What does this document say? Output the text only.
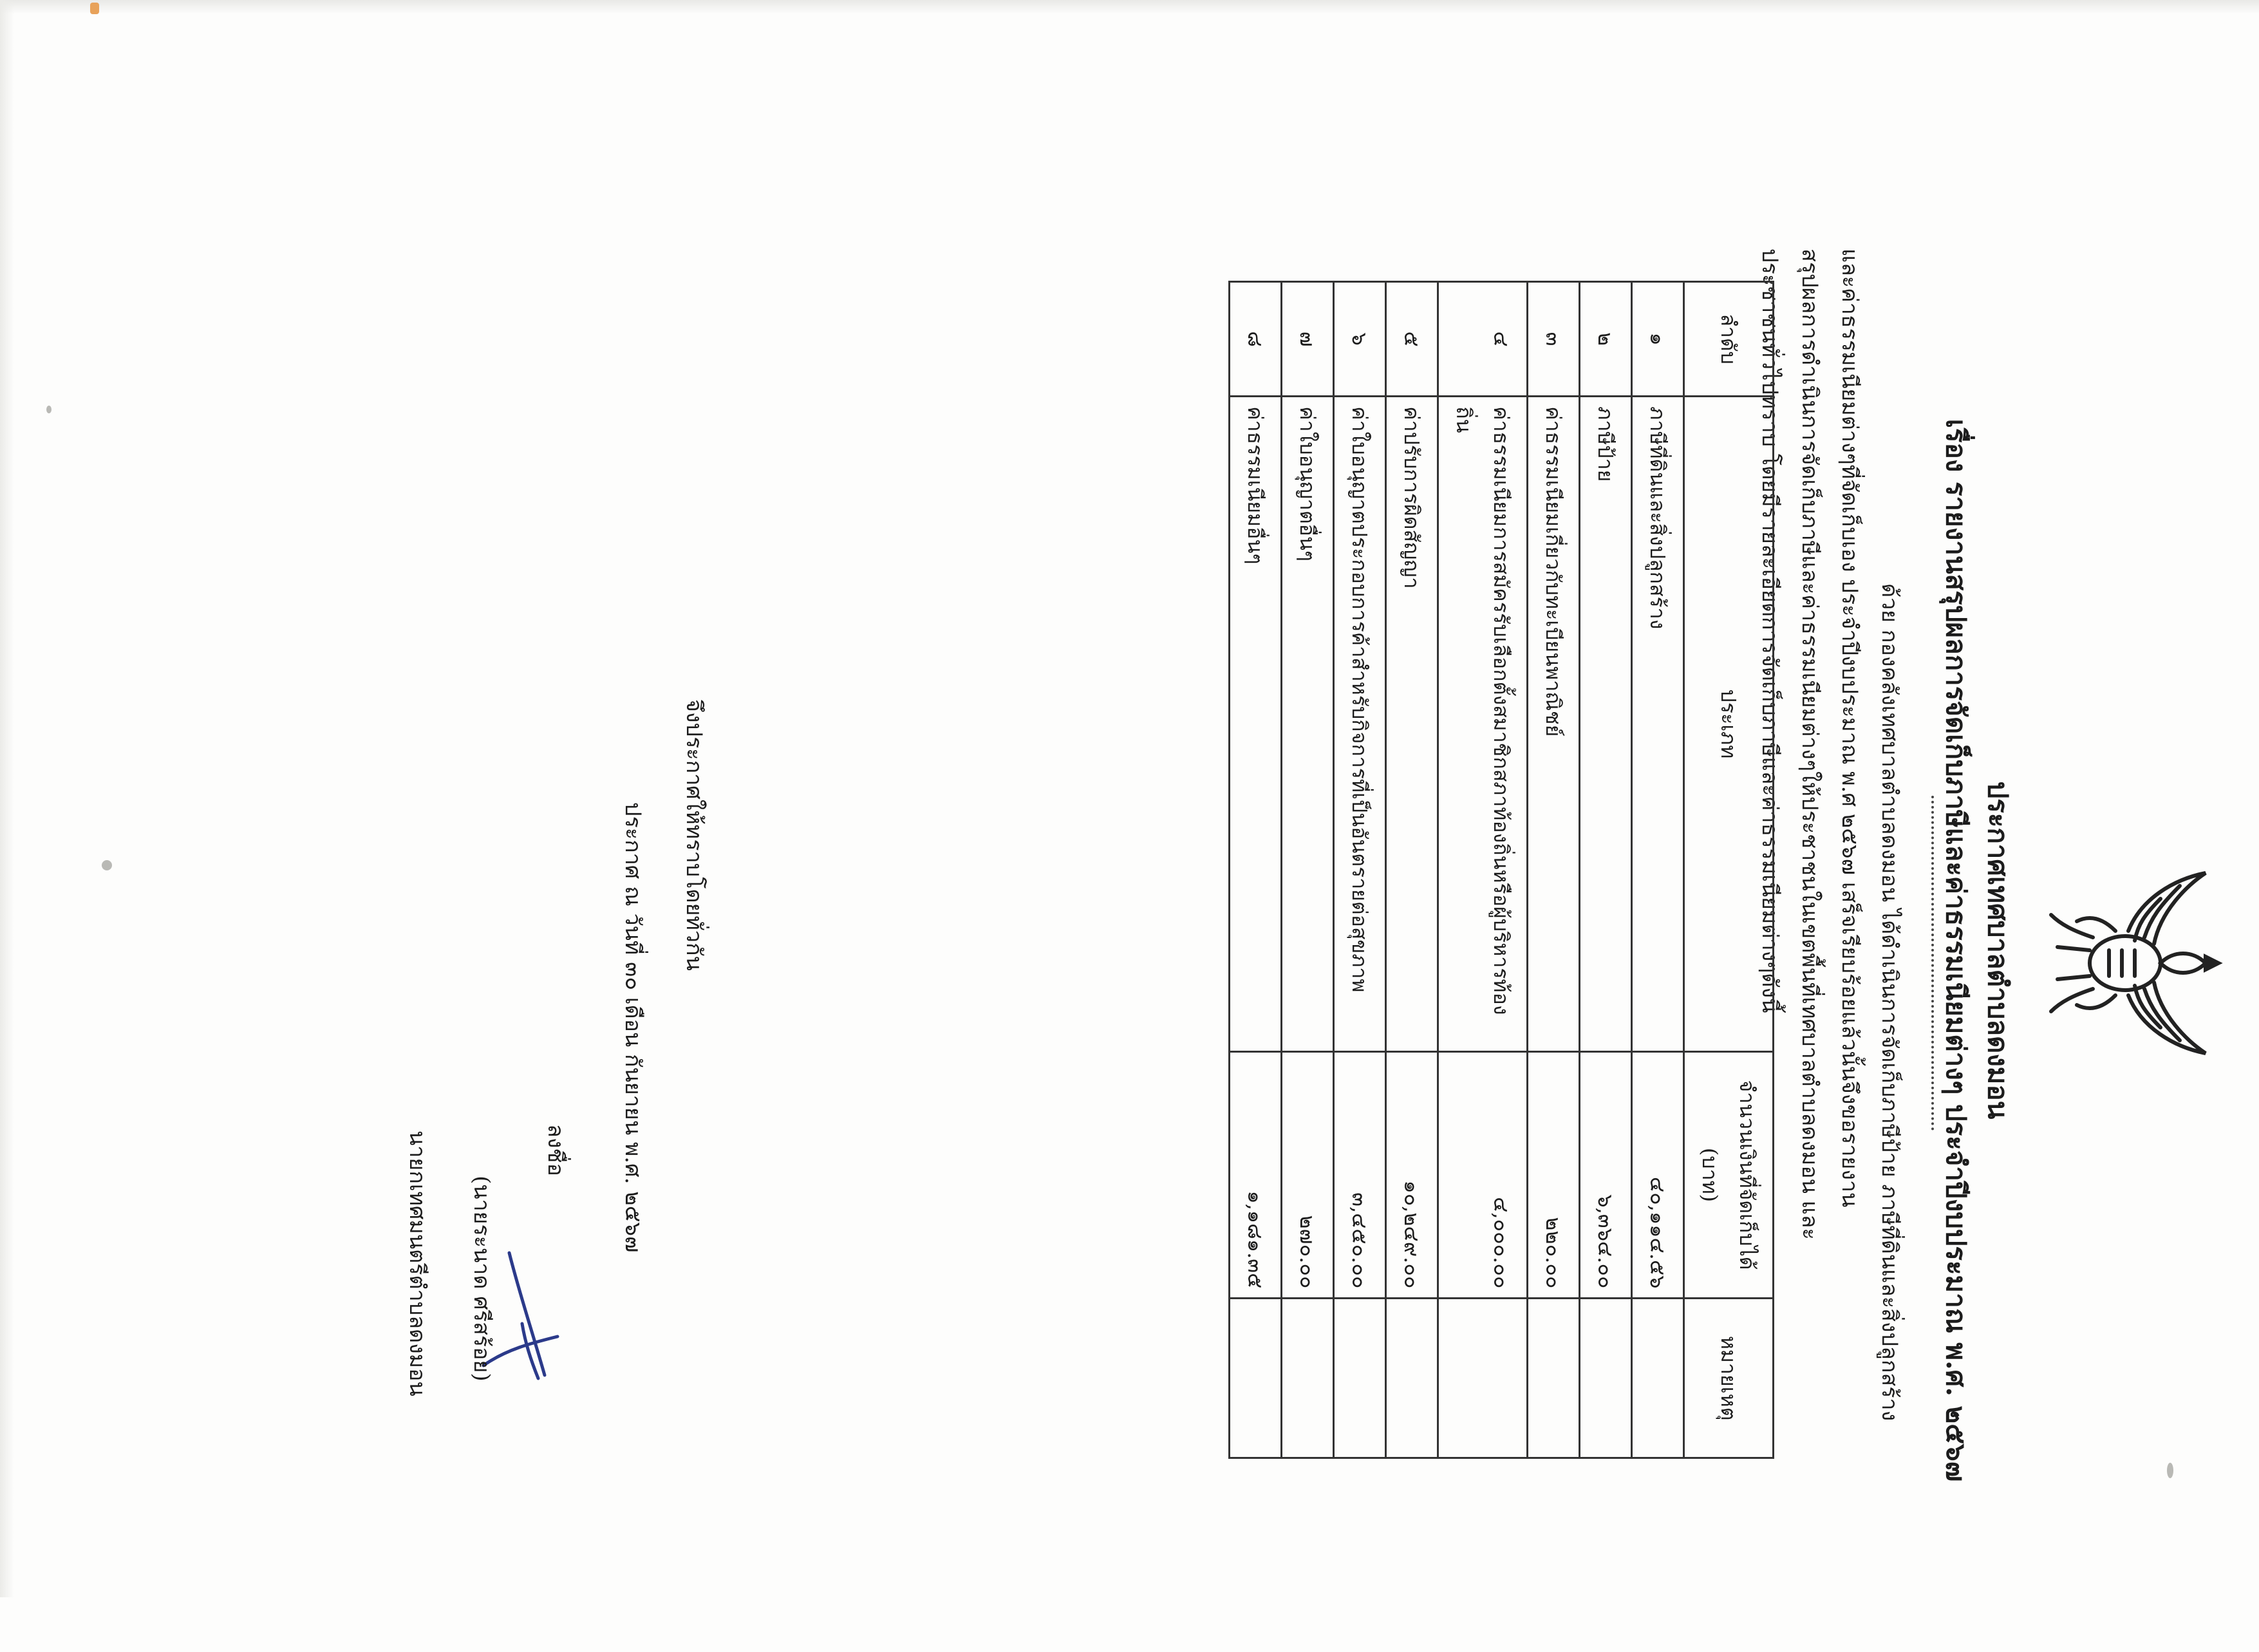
ประกาศเทศบาลตำบลดงมอน
เรื่อง รายงานสรุปผลการจัดเก็บภาษีและค่าธรรมเนียมต่างๆ ประจำปีงบประมาณ พ.ศ. ๒๕๖๗
ด้วย กองคลังเทศบาลตำบลดงมอน ได้ดำเนินการจัดเก็บภาษีป้าย ภาษีที่ดินและสิ่งปลูกสร้าง
และค่าธรรมเนียมต่างๆที่จัดเก็บเอง ประจำปีงบประมาณ พ.ศ ๒๕๖๗ เสร็จเรียบร้อยแล้วนั้นจึงขอรายงาน
สรุปผลการดำเนินการจัดเก็บภาษีและค่าธรรมเนียมต่างๆให้ประชาชนในเขตพื้นที่เทศบาลตำบลดงมอน และ
ประชาชนทั่วไปทราบ โดยมีรายละเอียดการจัดเก็บภาษีและค่าธรรมเนียมต่างๆดังนี้
ลำดับ	ประเภท	จำนวนเงินที่จัดเก็บได้
(บาท)	หมายเหตุ
๑	ภาษีที่ดินและสิ่งปลูกสร้าง	๔๐,๑๑๔.๕๖	
๒	ภาษีป้าย	๖,๓๖๔.๐๐	
๓	ค่าธรรมเนียมเกี่ยวกับทะเบียนพาณิชย์	๒๒๐.๐๐	
๔	ค่าธรรมเนียมการสมัครรับเลือกตั้งสมาชิกสภาท้องถิ่นหรือผู้บริหารท้องถิ่น	๔,๐๐๐.๐๐	
๕	ค่าปรับการผิดสัญญา	๑๐,๒๔๙.๐๐	
๖	ค่าใบอนุญาตประกอบการค้าสำหรับกิจการที่เป็นอันตรายต่อสุขภาพ	๓,๔๕๐.๐๐	
๗	ค่าใบอนุญาตอื่นๆ	๒๗๐.๐๐	
๘	ค่าธรรมเนียมอื่นๆ	๑,๑๘๑.๓๕	
จึงประกาศให้ทราบโดยทั่วกัน
ประกาศ ณ วันที่ ๓๐ เดือน กันยายน พ.ศ. ๒๕๖๗
ลงชื่อ
(นายระนาด ศรีสร้อย)
นายกเทศมนตรีตำบลดงมอน
